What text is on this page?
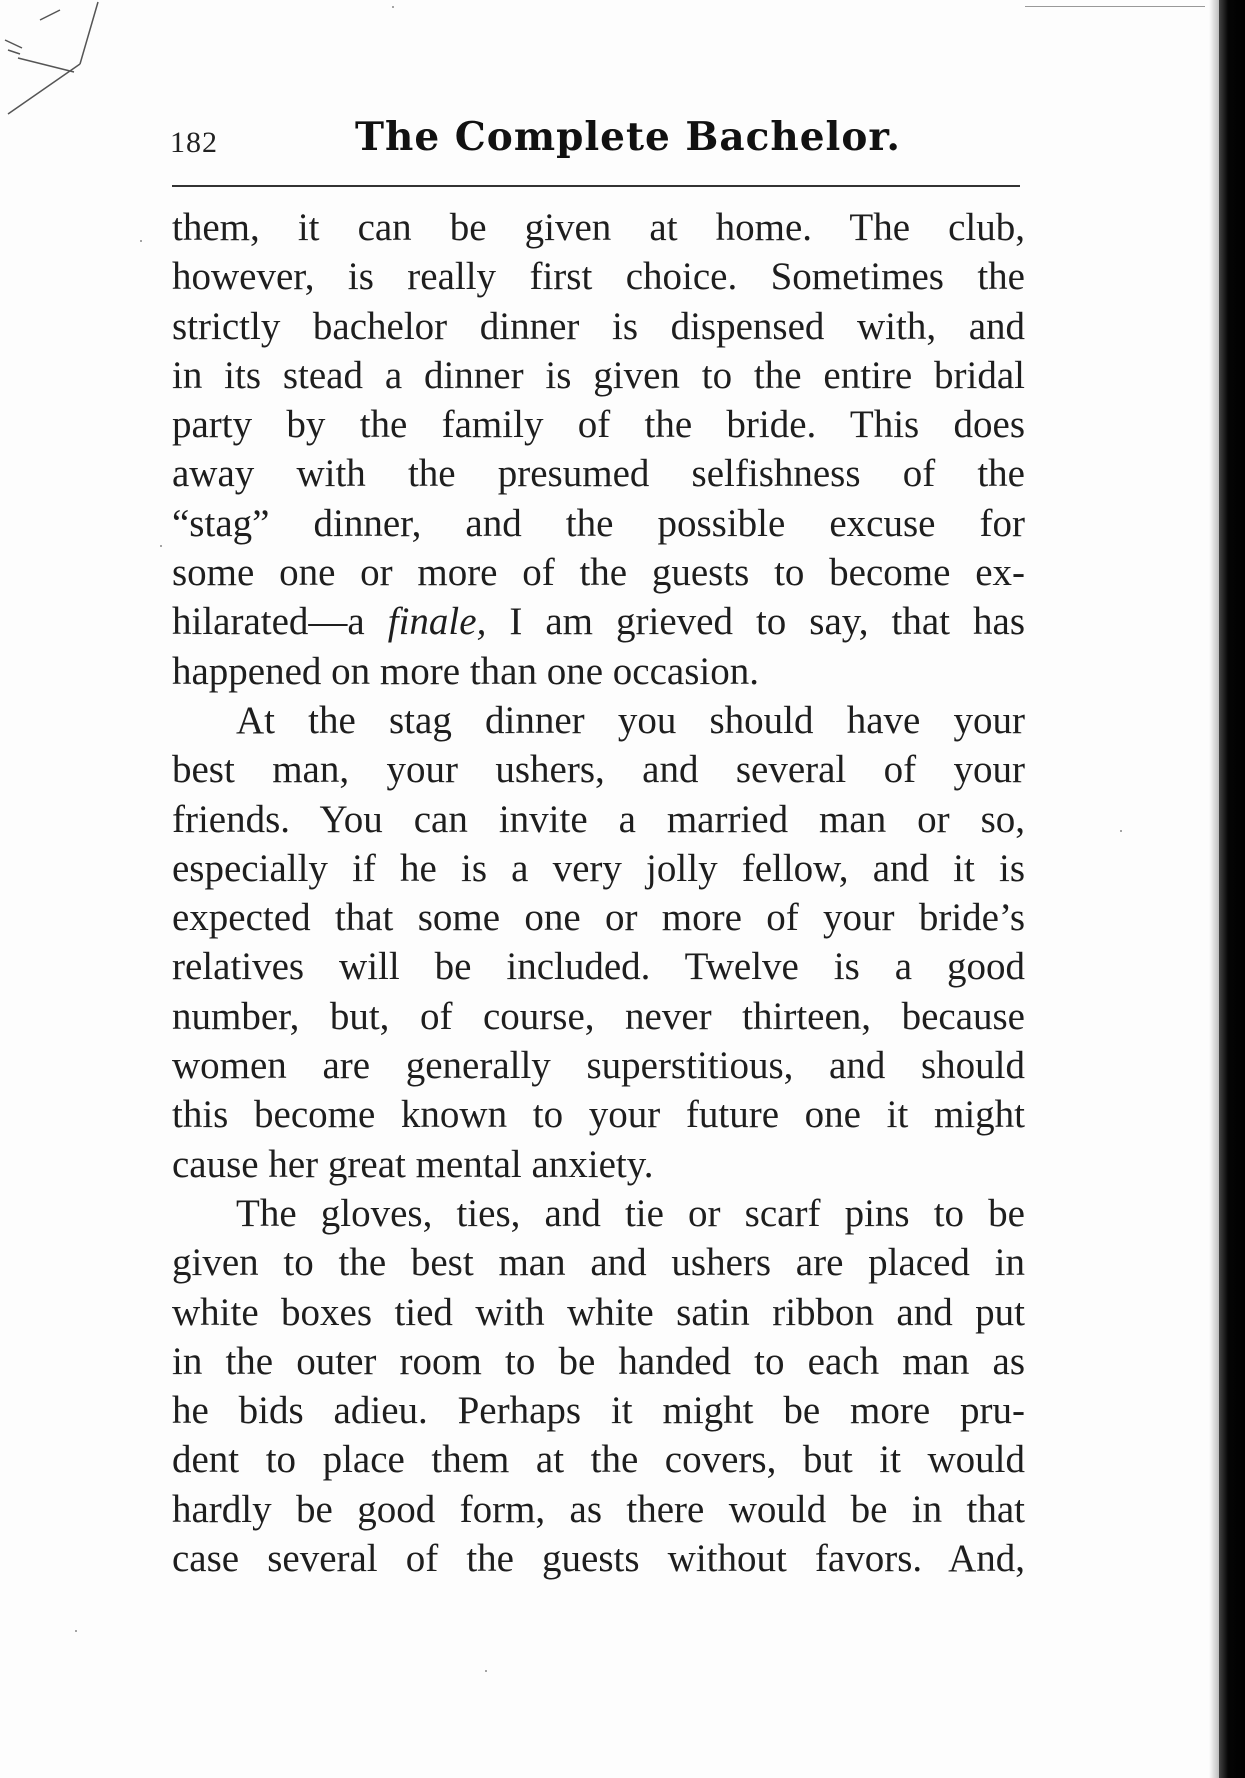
182	The Complete Bachelor.
them, it can be given at home. The club,
however, is really first choice. Sometimes the
strictly bachelor dinner is dispensed with, and
in its stead a dinner is given to the entire bridal
party by the family of the bride. This does
away with the presumed selfishness of the
“stag” dinner, and the possible excuse for
some one or more of the guests to become ex-
hilarated—a finale, I am grieved to say, that has
happened on more than one occasion.
At the stag dinner you should have your
best man, your ushers, and several of your
friends. You can invite a married man or so,
especially if he is a very jolly fellow, and it is
expected that some one or more of your bride’s
relatives will be included. Twelve is a good
number, but, of course, never thirteen, because
women are generally superstitious, and should
this become known to your future one it might
cause her great mental anxiety.
The gloves, ties, and tie or scarf pins to be
given to the best man and ushers are placed in
white boxes tied with white satin ribbon and put
in the outer room to be handed to each man as
he bids adieu. Perhaps it might be more pru-
dent to place them at the covers, but it would
hardly be good form, as there would be in that
case several of the guests without favors. And,
